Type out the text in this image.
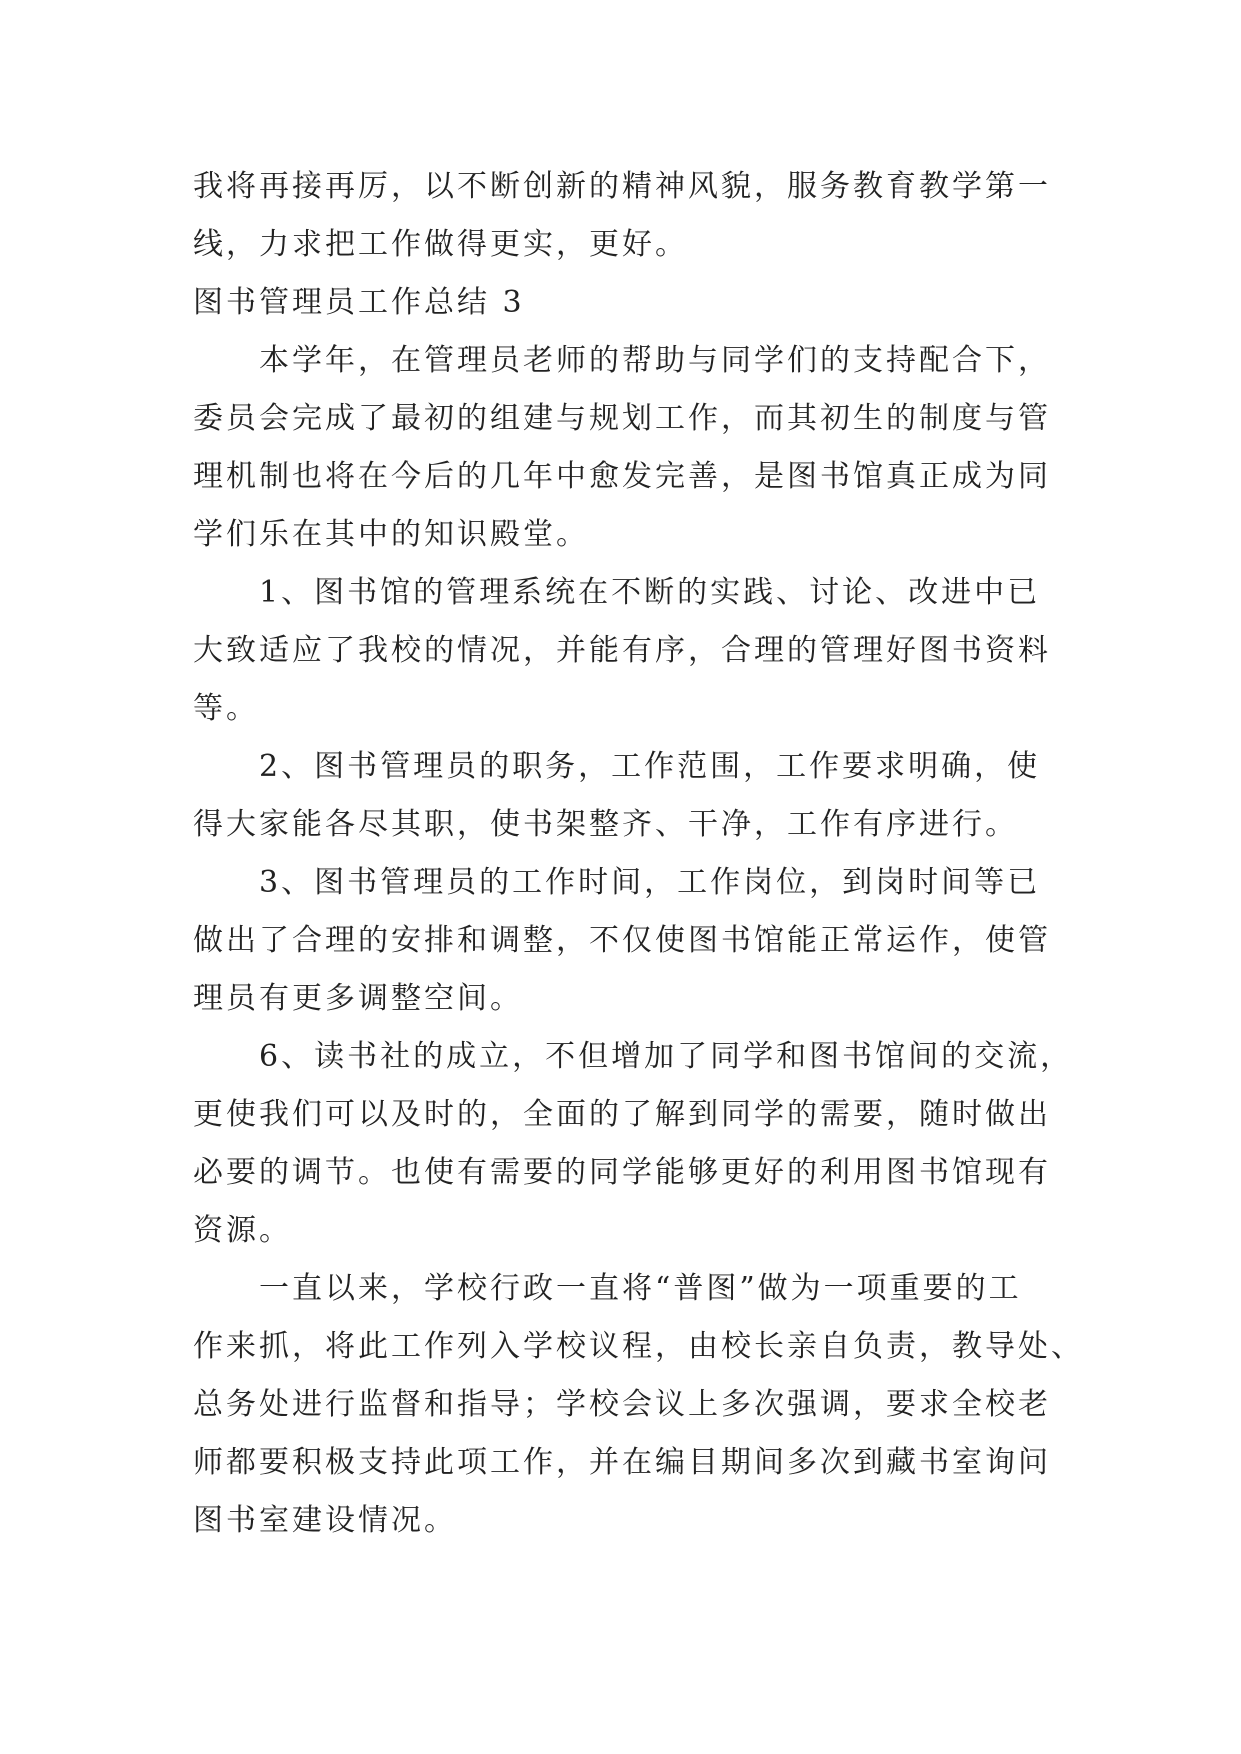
我将再接再厉，以不断创新的精神风貌，服务教育教学第一
线，力求把工作做得更实，更好。
图书管理员工作总结 3
　　本学年，在管理员老师的帮助与同学们的支持配合下，
委员会完成了最初的组建与规划工作，而其初生的制度与管
理机制也将在今后的几年中愈发完善，是图书馆真正成为同
学们乐在其中的知识殿堂。
　　1、图书馆的管理系统在不断的实践、讨论、改进中已
大致适应了我校的情况，并能有序，合理的管理好图书资料
等。
　　2、图书管理员的职务，工作范围，工作要求明确，使
得大家能各尽其职，使书架整齐、干净，工作有序进行。
　　3、图书管理员的工作时间，工作岗位，到岗时间等已
做出了合理的安排和调整，不仅使图书馆能正常运作，使管
理员有更多调整空间。
　　6、读书社的成立，不但增加了同学和图书馆间的交流，
更使我们可以及时的，全面的了解到同学的需要，随时做出
必要的调节。也使有需要的同学能够更好的利用图书馆现有
资源。
　　一直以来，学校行政一直将“普图”做为一项重要的工
作来抓，将此工作列入学校议程，由校长亲自负责，教导处、
总务处进行监督和指导；学校会议上多次强调，要求全校老
师都要积极支持此项工作，并在编目期间多次到藏书室询问
图书室建设情况。
